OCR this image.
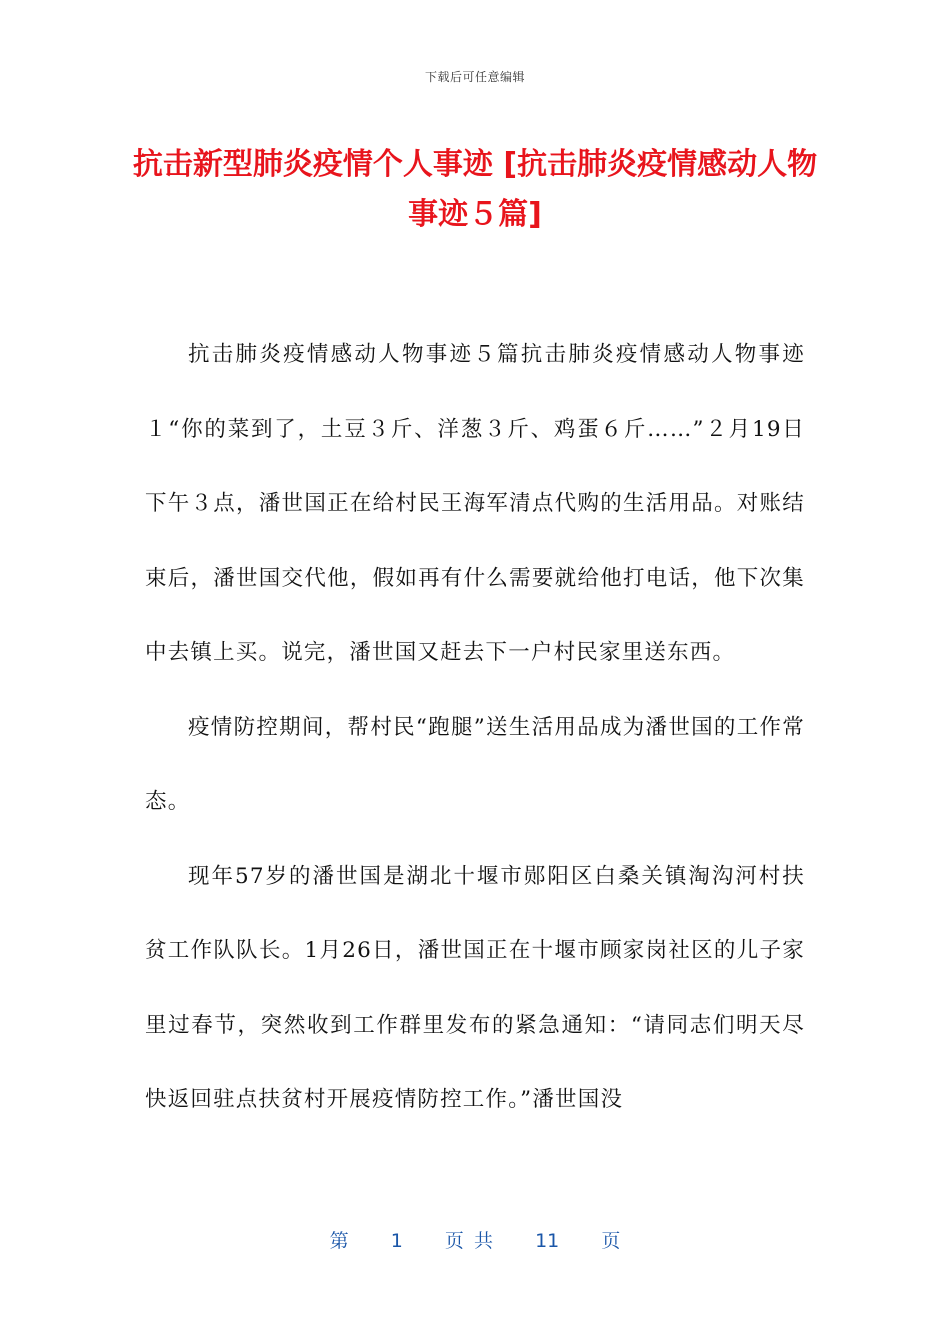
下载后可任意编辑
抗击新型肺炎疫情个人事迹 [抗击肺炎疫情感动人物事迹５篇]

抗击肺炎疫情感动人物事迹５篇抗击肺炎疫情感动人物事迹１“你的菜到了，土豆３斤、洋葱３斤、鸡蛋６斤……”２月19日下午３点，潘世国正在给村民王海军清点代购的生活用品。对账结束后，潘世国交代他，假如再有什么需要就给他打电话，他下次集中去镇上买。说完，潘世国又赶去下一户村民家里送东西。

疫情防控期间，帮村民“跑腿”送生活用品成为潘世国的工作常态。

现年57岁的潘世国是湖北十堰市郧阳区白桑关镇淘沟河村扶贫工作队队长。1月26日，潘世国正在十堰市顾家岗社区的儿子家里过春节，突然收到工作群里发布的紧急通知：“请同志们明天尽快返回驻点扶贫村开展疫情防控工作。”潘世国没

第 1 页 共 11 页
